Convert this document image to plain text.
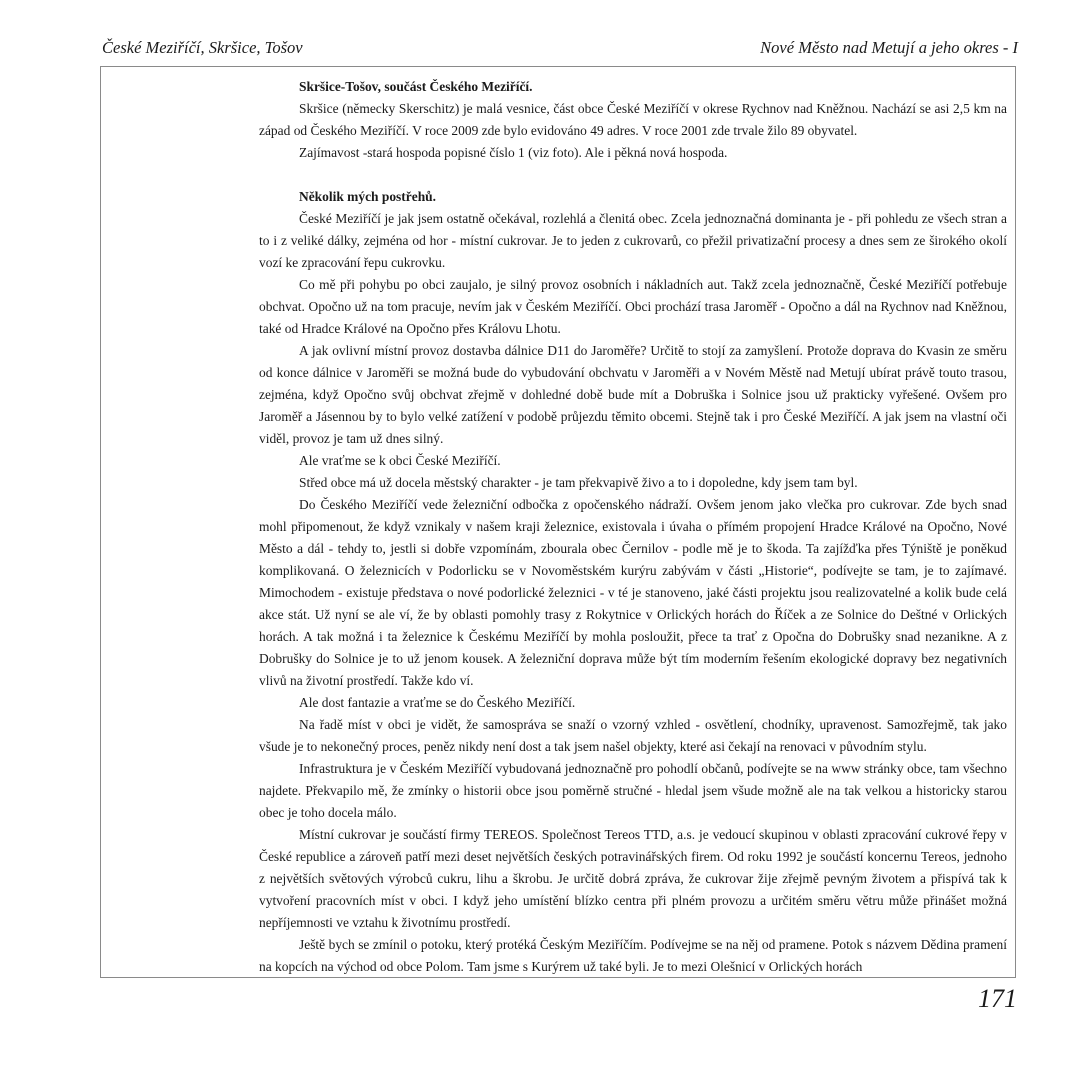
České Meziříčí, Skršice, Tošov	Nové Město nad Metují a jeho okres - I

Skršice-Tošov, součást Českého Meziříčí.

Skršice (německy Skerschitz) je malá vesnice, část obce České Meziříčí v okrese Rychnov nad Kněžnou. Nachází se asi 2,5 km na západ od Českého Meziříčí. V roce 2009 zde bylo evidováno 49 adres. V roce 2001 zde trvale žilo 89 obyvatel.

Zajímavost -stará hospoda popisné číslo 1 (viz foto). Ale i pěkná nová hospoda.

Několik mých postřehů.

České Meziříčí je jak jsem ostatně očekával, rozlehlá a členitá obec. Zcela jednoznačná dominanta je - při pohledu ze všech stran a to i z veliké dálky, zejména od hor - místní cukrovar. Je to jeden z cukrovarů, co přežil privatizační procesy a dnes sem ze širokého okolí vozí ke zpracování řepu cukrovku.

Co mě při pohybu po obci zaujalo, je silný provoz osobních i nákladních aut. Takž zcela jednoznačně, České Meziříčí potřebuje obchvat. Opočno už na tom pracuje, nevím jak v Českém Meziříčí. Obci prochází trasa Jaroměř - Opočno a dál na Rychnov nad Kněžnou, také od Hradce Králové na Opočno přes Královu Lhotu.

A jak ovlivní místní provoz dostavba dálnice D11 do Jaroměře? Určitě to stojí za zamyšlení. Protože doprava do Kvasin ze směru od konce dálnice v Jaroměři se možná bude do vybudování obchvatu v Jaroměři a v Novém Městě nad Metují ubírat právě touto trasou, zejména, když Opočno svůj obchvat zřejmě v dohledné době bude mít a Dobruška i Solnice jsou už prakticky vyřešené. Ovšem pro Jaroměř a Jásennou by to bylo velké zatížení v podobě průjezdu těmito obcemi. Stejně tak i pro České Meziříčí. A jak jsem na vlastní oči viděl, provoz je tam už dnes silný.

Ale vraťme se k obci České Meziříčí.

Střed obce má už docela městský charakter - je tam překvapivě živo a to i dopoledne, kdy jsem tam byl.

Do Českého Meziříčí vede železniční odbočka z opočenského nádraží. Ovšem jenom jako vlečka pro cukrovar. Zde bych snad mohl připomenout, že když vznikaly v našem kraji železnice, existovala i úvaha o přímém propojení Hradce Králové na Opočno, Nové Město a dál - tehdy to, jestli si dobře vzpomínám, zbourala obec Černilov - podle mě je to škoda. Ta zajížďka přes Týniště je poněkud komplikovaná. O železnicích v Podorlicku se v Novoměstském kurýru zabývám v části „Historie“, podívejte se tam, je to zajímavé. Mimochodem - existuje představa o nové podorlické železnici - v té je stanoveno, jaké části projektu jsou realizovatelné a kolik bude celá akce stát. Už nyní se ale ví, že by oblasti pomohly trasy z Rokytnice v Orlických horách do Říček a ze Solnice do Deštné v Orlických horách. A tak možná i ta železnice k Českému Meziříčí by mohla posloužit, přece ta trať z Opočna do Dobrušky snad nezanikne. A z Dobrušky do Solnice je to už jenom kousek. A železniční doprava může být tím moderním řešením ekologické dopravy bez negativních vlivů na životní prostředí. Takže kdo ví.

Ale dost fantazie a vraťme se do Českého Meziříčí.

Na řadě míst v obci je vidět, že samospráva se snaží o vzorný vzhled - osvětlení, chodníky, upravenost. Samozřejmě, tak jako všude je to nekonečný proces, peněz nikdy není dost a tak jsem našel objekty, které asi čekají na renovaci v původním stylu.

Infrastruktura je v Českém Meziříčí vybudovaná jednoznačně pro pohodlí občanů, podívejte se na www stránky obce, tam všechno najdete. Překvapilo mě, že zmínky o historii obce jsou poměrně stručné - hledal jsem všude možně ale na tak velkou a historicky starou obec je toho docela málo.

Místní cukrovar je součástí firmy TEREOS. Společnost Tereos TTD, a.s. je vedoucí skupinou v oblasti zpracování cukrové řepy v České republice a zároveň patří mezi deset největších českých potravinářských firem. Od roku 1992 je součástí koncernu Tereos, jednoho z největších světových výrobců cukru, lihu a škrobu. Je určitě dobrá zpráva, že cukrovar žije zřejmě pevným životem a přispívá tak k vytvoření pracovních míst v obci. I když jeho umístění blízko centra při plném provozu a určitém směru větru může přinášet možná nepříjemnosti ve vztahu k životnímu prostředí.

Ještě bych se zmínil o potoku, který protéká Českým Meziříčím. Podívejme se na něj od pramene. Potok s názvem Dědina pramení na kopcích na východ od obce Polom. Tam jsme s Kurýrem už také byli. Je to mezi Olešnicí v Orlických horách

171
